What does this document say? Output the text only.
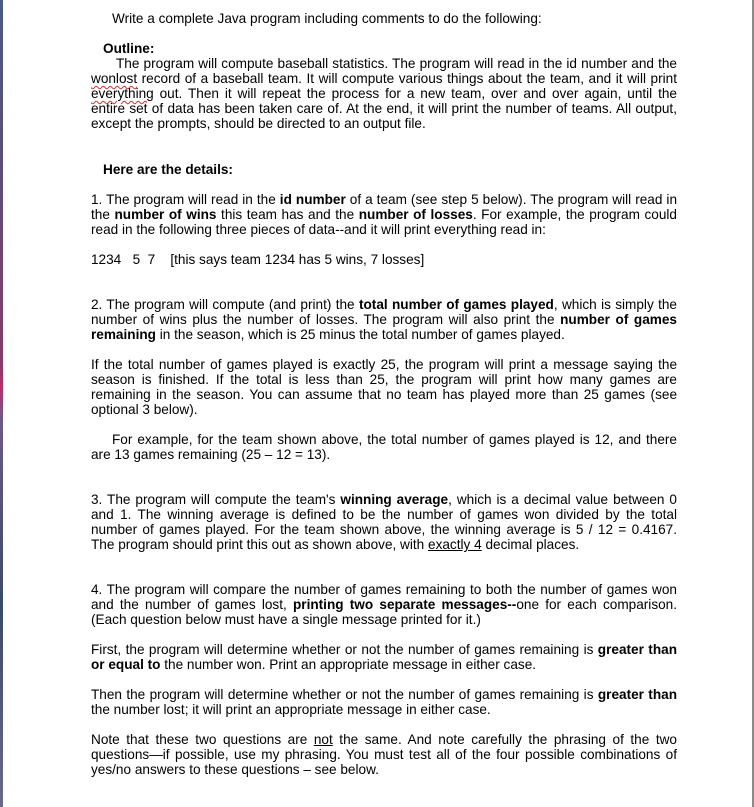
Write a complete Java program including comments to do the following:

Outline:

The program will compute baseball statistics. The program will read in the id number and the wonlost record of a baseball team. It will compute various things about the team, and it will print everything out. Then it will repeat the process for a new team, over and over again, until the entire set of data has been taken care of. At the end, it will print the number of teams. All output, except the prompts, should be directed to an output file.

Here are the details:

1. The program will read in the id number of a team (see step 5 below). The program will read in the number of wins this team has and the number of losses. For example, the program could read in the following three pieces of data--and it will print everything read in:

1234   5  7    [this says team 1234 has 5 wins, 7 losses]

2. The program will compute (and print) the total number of games played, which is simply the number of wins plus the number of losses. The program will also print the number of games remaining in the season, which is 25 minus the total number of games played.

If the total number of games played is exactly 25, the program will print a message saying the season is finished. If the total is less than 25, the program will print how many games are remaining in the season. You can assume that no team has played more than 25 games (see optional 3 below).

For example, for the team shown above, the total number of games played is 12, and there are 13 games remaining (25 – 12 = 13).

3. The program will compute the team's winning average, which is a decimal value between 0 and 1. The winning average is defined to be the number of games won divided by the total number of games played. For the team shown above, the winning average is 5 / 12 = 0.4167. The program should print this out as shown above, with exactly 4 decimal places.

4. The program will compare the number of games remaining to both the number of games won and the number of games lost, printing two separate messages--one for each comparison. (Each question below must have a single message printed for it.)

First, the program will determine whether or not the number of games remaining is greater than or equal to the number won. Print an appropriate message in either case.

Then the program will determine whether or not the number of games remaining is greater than the number lost; it will print an appropriate message in either case.

Note that these two questions are not the same. And note carefully the phrasing of the two questions—if possible, use my phrasing. You must test all of the four possible combinations of yes/no answers to these questions – see below.
